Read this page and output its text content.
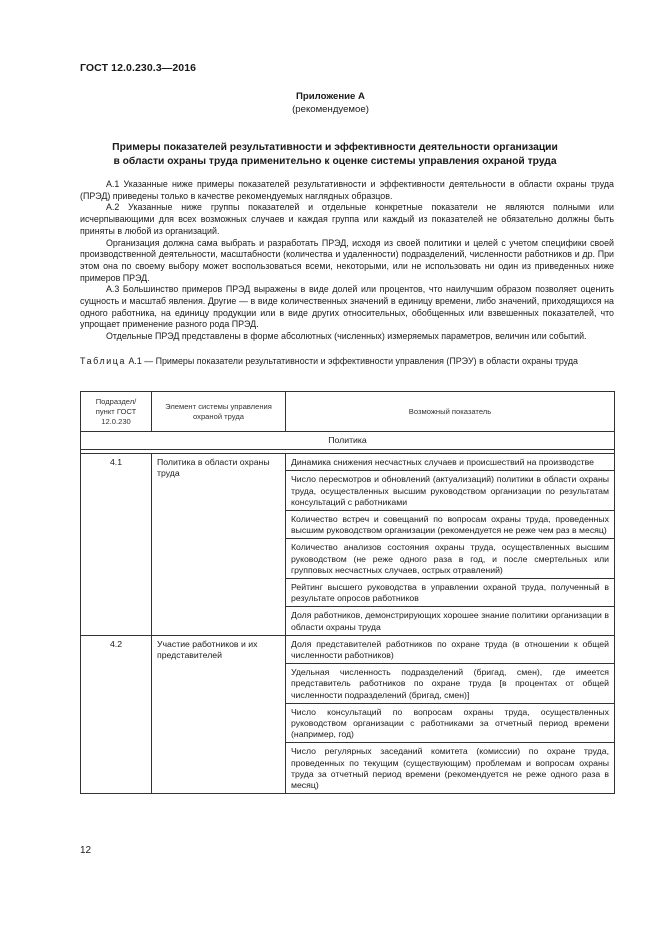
ГОСТ 12.0.230.3—2016
Приложение А
(рекомендуемое)
Примеры показателей результативности и эффективности деятельности организации
в области охраны труда применительно к оценке системы управления охраной труда

А.1 Указанные ниже примеры показателей результативности и эффективности деятельности в области охраны труда (ПРЭД) приведены только в качестве рекомендуемых наглядных образцов.

А.2 Указанные ниже группы показателей и отдельные конкретные показатели не являются полными или исчерпывающими для всех возможных случаев и каждая группа или каждый из показателей не обязательно должны быть приняты в любой из организаций.

Организация должна сама выбрать и разработать ПРЭД, исходя из своей политики и целей с учетом специфики своей производственной деятельности, масштабности (количества и удаленности) подразделений, численности работников и др. При этом она по своему выбору может воспользоваться всеми, некоторыми, или не использовать ни один из приведенных ниже примеров ПРЭД.

А.3 Большинство примеров ПРЭД выражены в виде долей или процентов, что наилучшим образом позволяет оценить сущность и масштаб явления. Другие — в виде количественных значений в единицу времени, либо значений, приходящихся на одного работника, на единицу продукции или в виде других относительных, обобщенных или взвешенных показателей, что упрощает применение разного рода ПРЭД.

Отдельные ПРЭД представлены в форме абсолютных (численных) измеряемых параметров, величин или событий.

Таблица А.1 — Примеры показатели результативности и эффективности управления (ПРЭУ) в области охраны труда
Подраздел/ пункт ГОСТ 12.0.230	Элемент системы управления охраной труда	Возможный показатель
Политика		

4.1	Политика в области охраны труда	Динамика снижения несчастных случаев и происшествий на производстве
		Число пересмотров и обновлений (актуализаций) политики в области охраны труда, осуществленных высшим руководством организации по результатам консультаций с работниками
		Количество встреч и совещаний по вопросам охраны труда, проведенных высшим руководством организации (рекомендуется не реже чем раз в месяц)
		Количество анализов состояния охраны труда, осуществленных высшим руководством (не реже одного раза в год, и после смертельных или групповых несчастных случаев, острых отравлений)
		Рейтинг высшего руководства в управлении охраной труда, полученный в результате опросов работников
		Доля работников, демонстрирующих хорошее знание политики организации в области охраны труда
4.2	Участие работников и их представителей	Доля представителей работников по охране труда (в отношении к общей численности работников)
		Удельная численность подразделений (бригад, смен), где имеется представитель работников по охране труда [в процентах от общей численности подразделений (бригад, смен)]
		Число консультаций по вопросам охраны труда, осуществленных руководством организации с работниками за отчетный период времени (например, год)
		Число регулярных заседаний комитета (комиссии) по охране труда, проведенных по текущим (существующим) проблемам и вопросам охраны труда за отчетный период времени (рекомендуется не реже одного раза в месяц)
12
